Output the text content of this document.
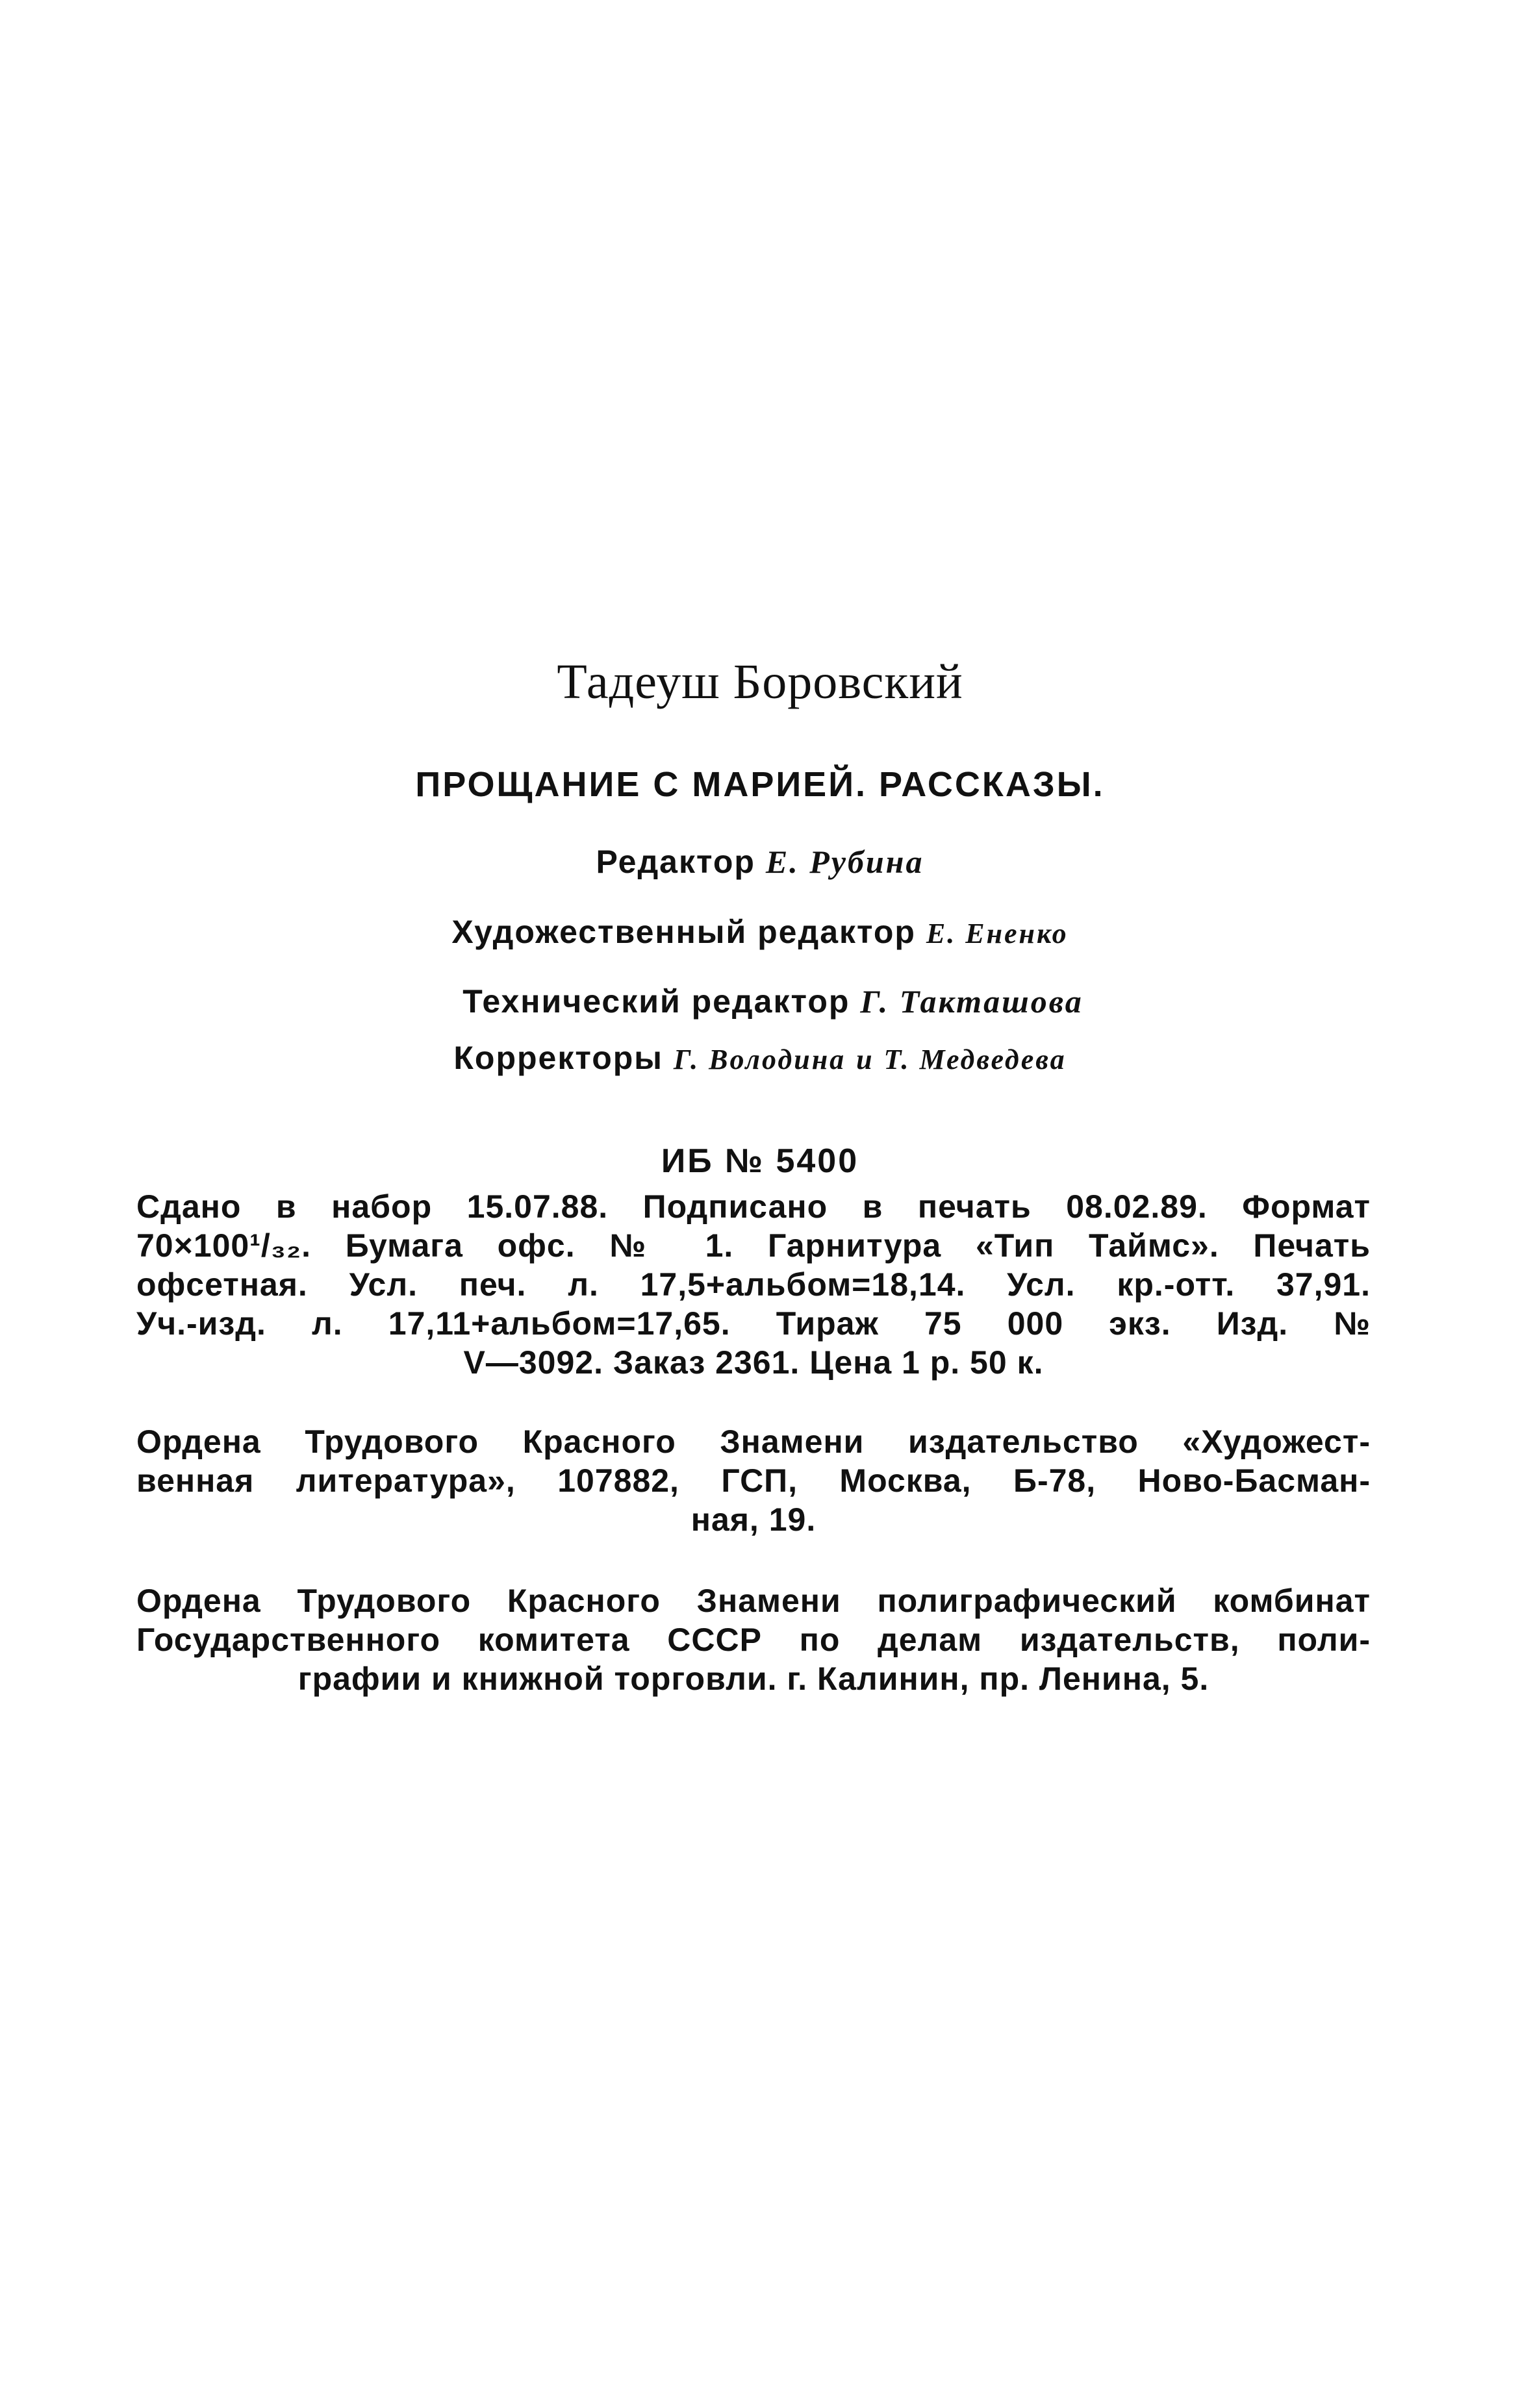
Тадеуш Боровский
ПРОЩАНИЕ С МАРИЕЙ. РАССКАЗЫ.
Редактор Е. Рубина
Художественный редактор Е. Ененко
Технический редактор Г. Такташова
Корректоры Г. Володина и Т. Медведева
ИБ № 5400
Сдано в набор 15.07.88. Подписано в печать 08.02.89. Формат
70×100¹/₃₂. Бумага офс. № 1. Гарнитура «Тип Таймс». Печать
офсетная. Усл. печ. л. 17,5+альбом=18,14. Усл. кр.-отт. 37,91.
Уч.-изд. л. 17,11+альбом=17,65. Тираж 75 000 экз. Изд. №
V—3092. Заказ 2361. Цена 1 р. 50 к.
Ордена Трудового Красного Знамени издательство «Художест-
венная литература», 107882, ГСП, Москва, Б-78, Ново-Басман-
ная, 19.
Ордена Трудового Красного Знамени полиграфический комбинат
Государственного комитета СССР по делам издательств, поли-
графии и книжной торговли. г. Калинин, пр. Ленина, 5.
